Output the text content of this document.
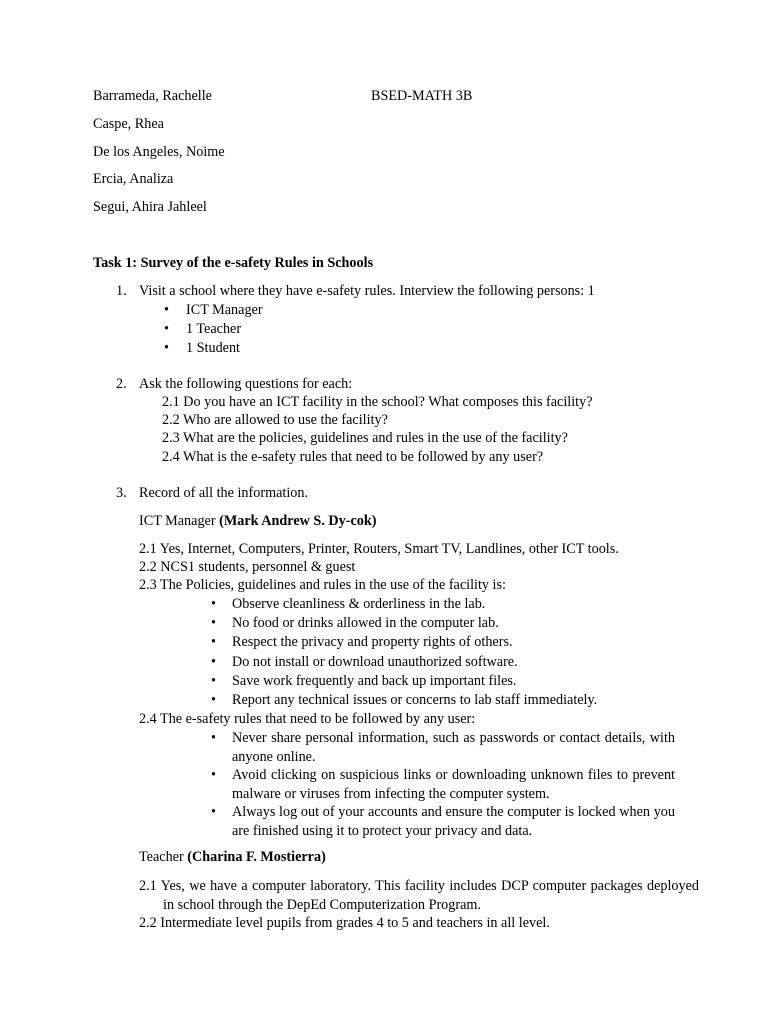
Barrameda, Rachelle	BSED-MATH 3B
Caspe, Rhea
De los Angeles, Noime
Ercia, Analiza
Segui, Ahira Jahleel
Task 1: Survey of the e-safety Rules in Schools
1. Visit a school where they have e-safety rules. Interview the following persons: 1
• ICT Manager
• 1 Teacher
• 1 Student
2. Ask the following questions for each:
2.1 Do you have an ICT facility in the school? What composes this facility?
2.2 Who are allowed to use the facility?
2.3 What are the policies, guidelines and rules in the use of the facility?
2.4 What is the e-safety rules that need to be followed by any user?
3. Record of all the information.
ICT Manager (Mark Andrew S. Dy-cok)
2.1 Yes, Internet, Computers, Printer, Routers, Smart TV, Landlines, other ICT tools.
2.2 NCS1 students, personnel & guest
2.3 The Policies, guidelines and rules in the use of the facility is:
• Observe cleanliness & orderliness in the lab.
• No food or drinks allowed in the computer lab.
• Respect the privacy and property rights of others.
• Do not install or download unauthorized software.
• Save work frequently and back up important files.
• Report any technical issues or concerns to lab staff immediately.
2.4 The e-safety rules that need to be followed by any user:
• Never share personal information, such as passwords or contact details, with anyone online.
• Avoid clicking on suspicious links or downloading unknown files to prevent malware or viruses from infecting the computer system.
• Always log out of your accounts and ensure the computer is locked when you are finished using it to protect your privacy and data.
Teacher (Charina F. Mostierra)
2.1 Yes, we have a computer laboratory. This facility includes DCP computer packages deployed in school through the DepEd Computerization Program.
2.2 Intermediate level pupils from grades 4 to 5 and teachers in all level.
